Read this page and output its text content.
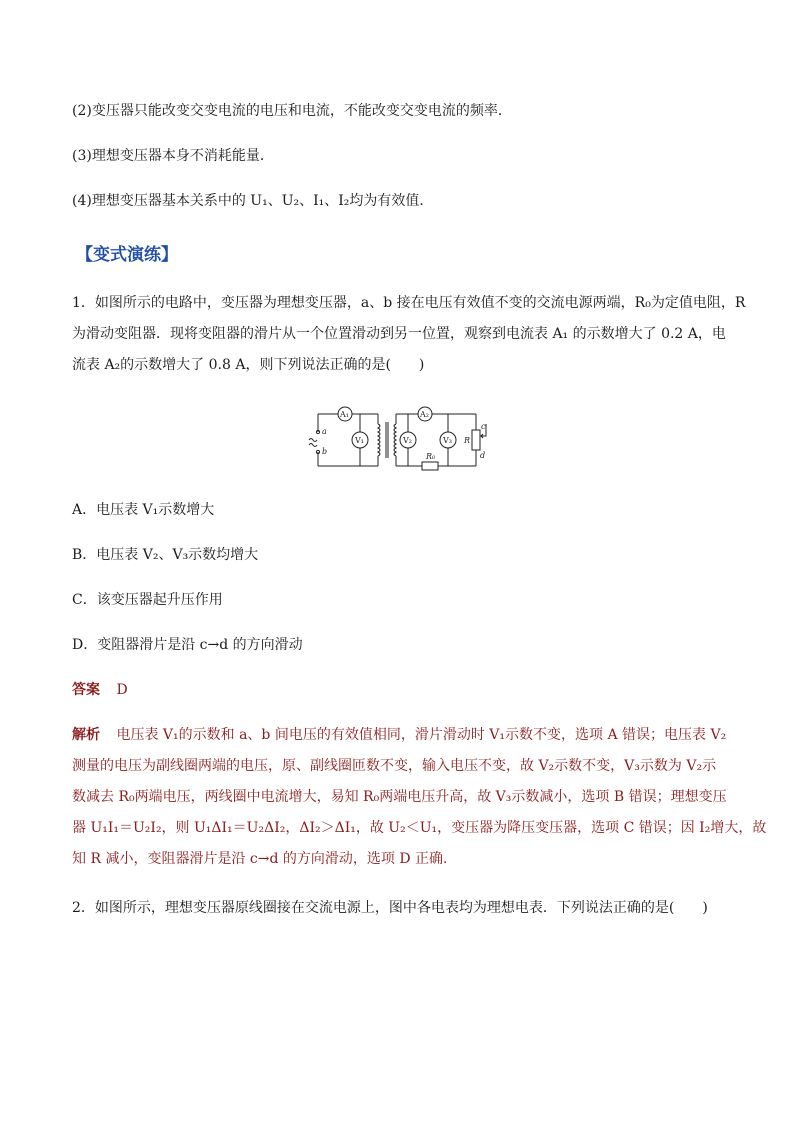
(2)变压器只能改变交变电流的电压和电流，不能改变交变电流的频率．
(3)理想变压器本身不消耗能量．
(4)理想变压器基本关系中的 U₁、U₂、I₁、I₂均为有效值．
【变式演练】
1．如图所示的电路中，变压器为理想变压器，a、b 接在电压有效值不变的交流电源两端，R₀为定值电阻，R
为滑动变阻器．现将变阻器的滑片从一个位置滑动到另一位置，观察到电流表 A₁ 的示数增大了 0.2 A，电
流表 A₂的示数增大了 0.8 A，则下列说法正确的是(　　)
a
b
A₁	A₂
V₁	V₂	V₃ R
R₀
c
d
A．电压表 V₁示数增大
B．电压表 V₂、V₃示数均增大
C．该变压器起升压作用
D．变阻器滑片是沿 c→d 的方向滑动
答案 D
解析 电压表 V₁的示数和 a、b 间电压的有效值相同，滑片滑动时 V₁示数不变，选项 A 错误；电压表 V₂
测量的电压为副线圈两端的电压，原、副线圈匝数不变，输入电压不变，故 V₂示数不变，V₃示数为 V₂示
数减去 R₀两端电压，两线圈中电流增大，易知 R₀两端电压升高，故 V₃示数减小，选项 B 错误；理想变压
器 U₁I₁＝U₂I₂，则 U₁ΔI₁＝U₂ΔI₂，ΔI₂＞ΔI₁，故 U₂＜U₁，变压器为降压变压器，选项 C 错误；因 I₂增大，故
知 R 减小，变阻器滑片是沿 c→d 的方向滑动，选项 D 正确．
2．如图所示，理想变压器原线圈接在交流电源上，图中各电表均为理想电表．下列说法正确的是(　　)
